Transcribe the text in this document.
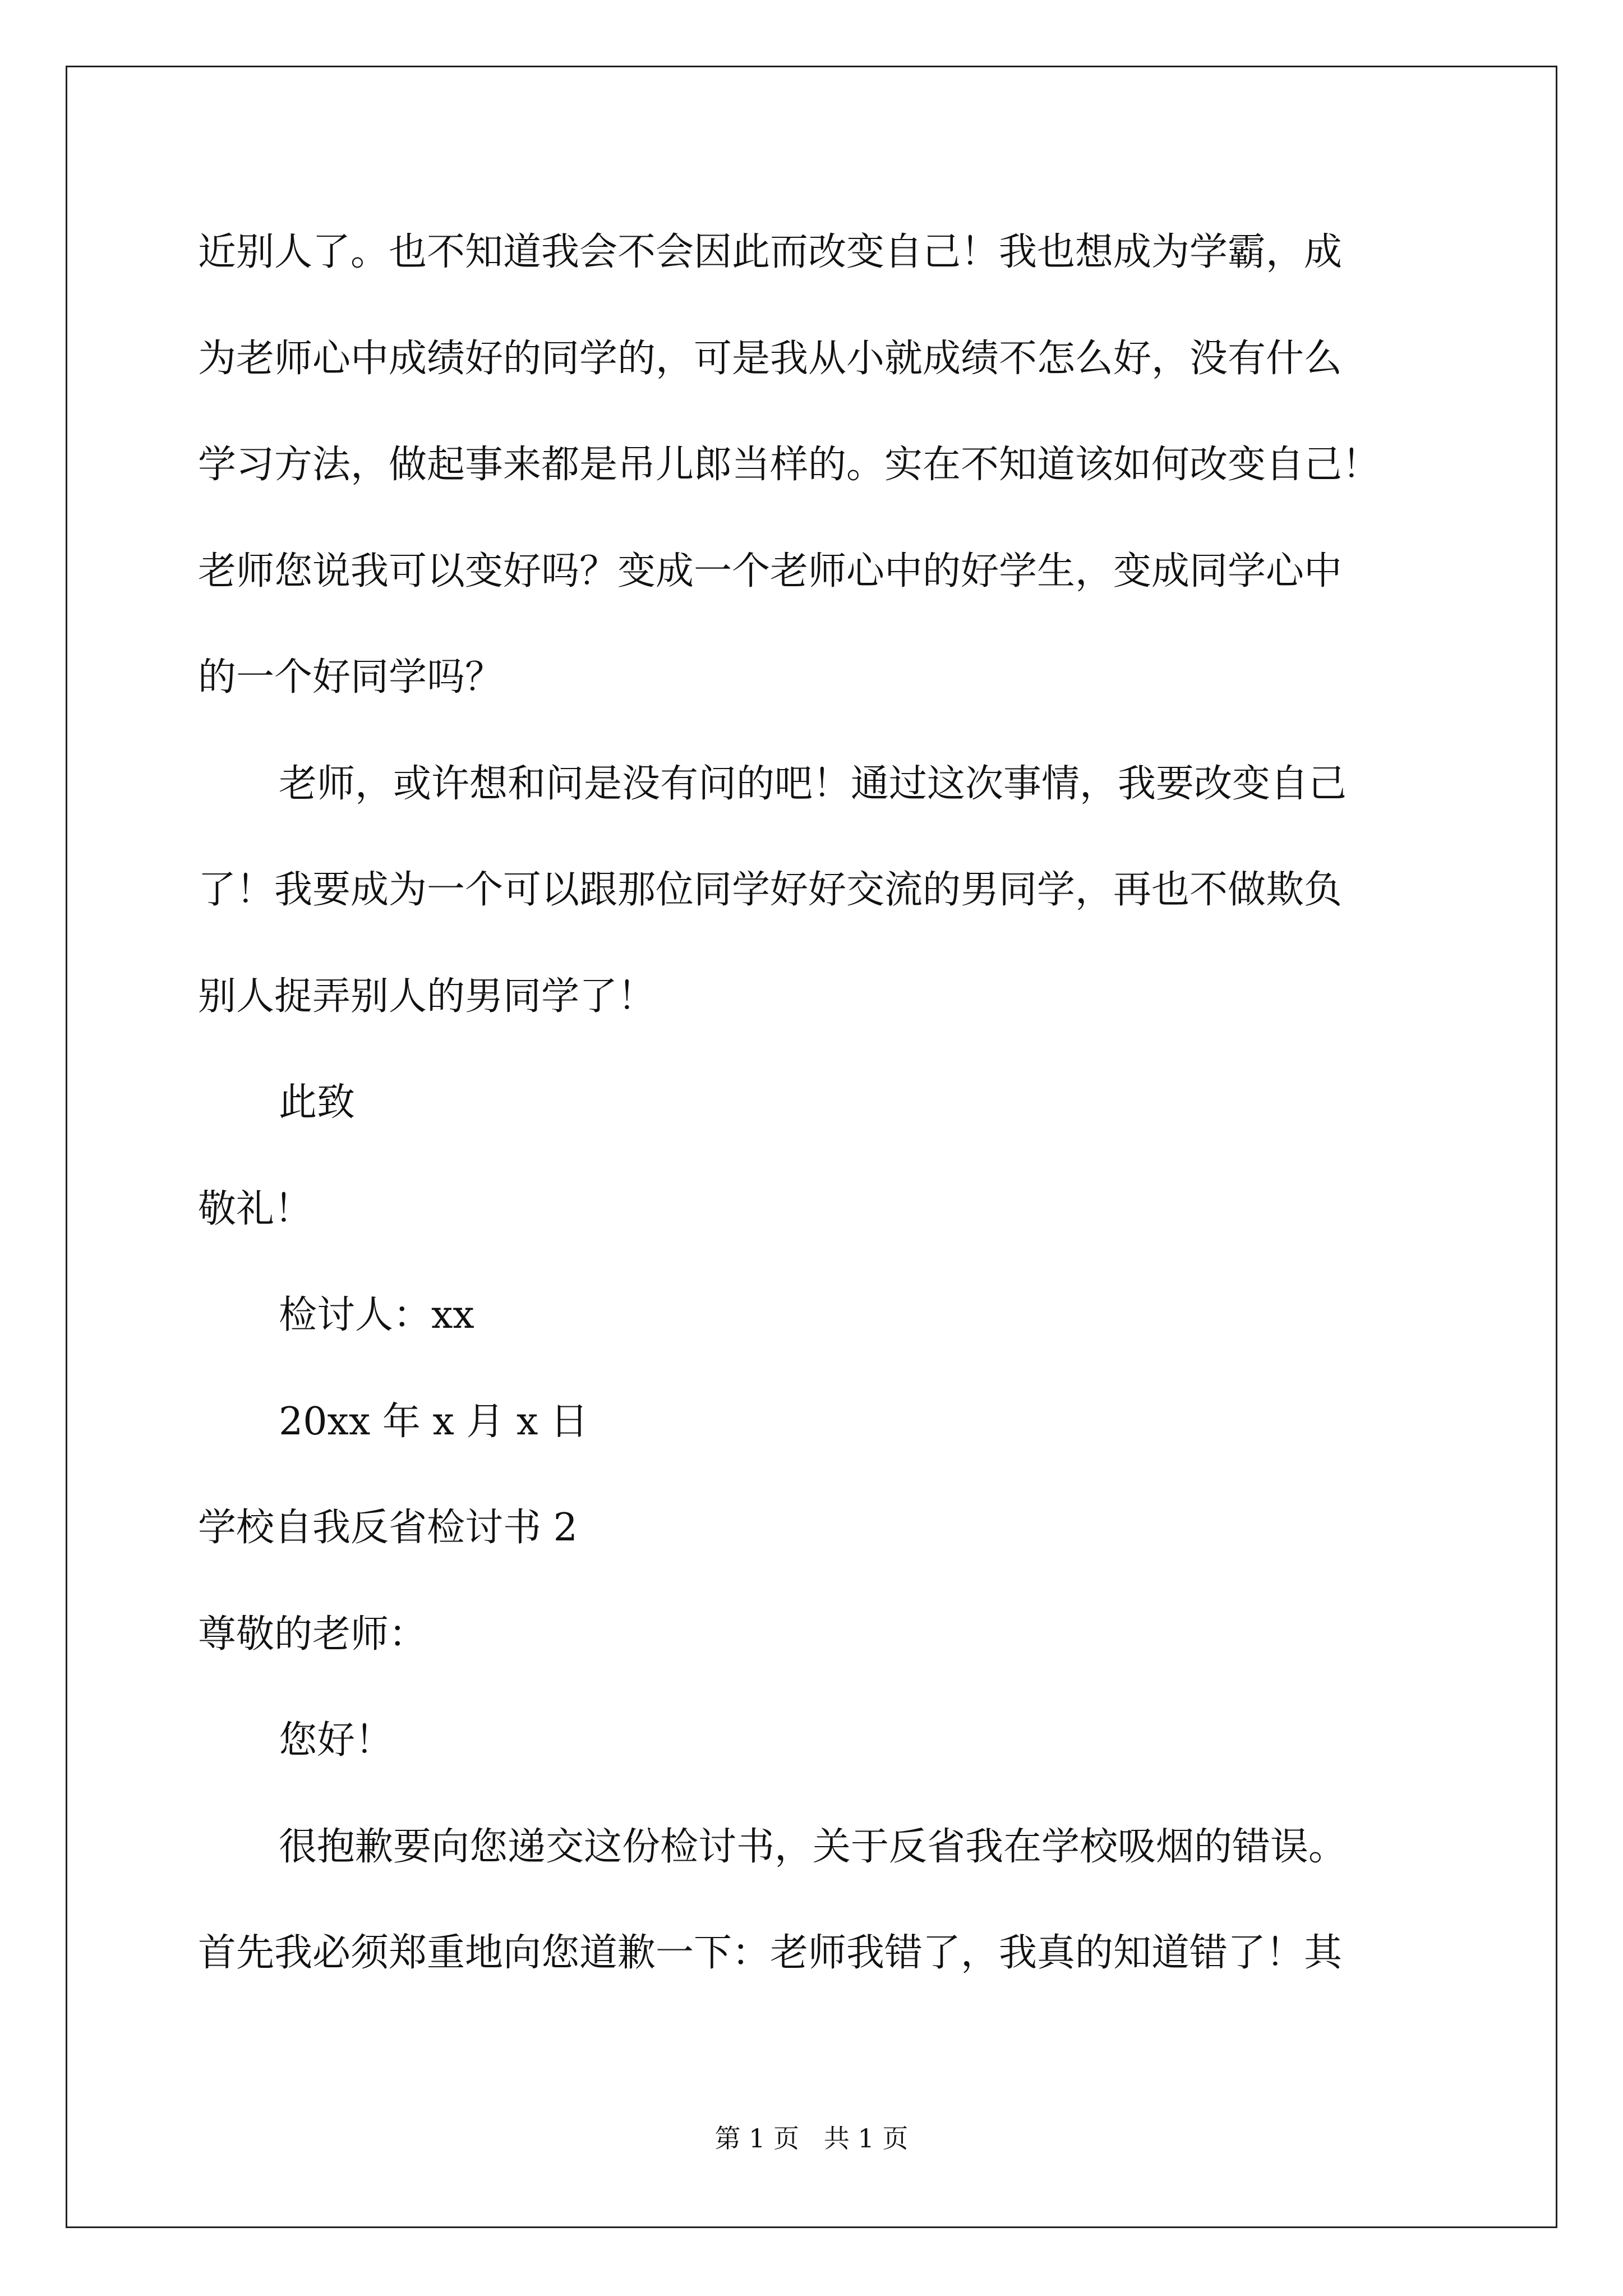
近别人了。也不知道我会不会因此而改变自己！我也想成为学霸，成
为老师心中成绩好的同学的，可是我从小就成绩不怎么好，没有什么
学习方法，做起事来都是吊儿郎当样的。实在不知道该如何改变自己！
老师您说我可以变好吗？变成一个老师心中的好学生，变成同学心中
的一个好同学吗？
老师，或许想和问是没有问的吧！通过这次事情，我要改变自己
了！我要成为一个可以跟那位同学好好交流的男同学，再也不做欺负
别人捉弄别人的男同学了！
此致
敬礼！
检讨人：xx
20xx 年 x 月 x 日
学校自我反省检讨书 2
尊敬的老师：
您好！
很抱歉要向您递交这份检讨书，关于反省我在学校吸烟的错误。
首先我必须郑重地向您道歉一下：老师我错了，我真的知道错了！其
第 1 页   共 1 页
